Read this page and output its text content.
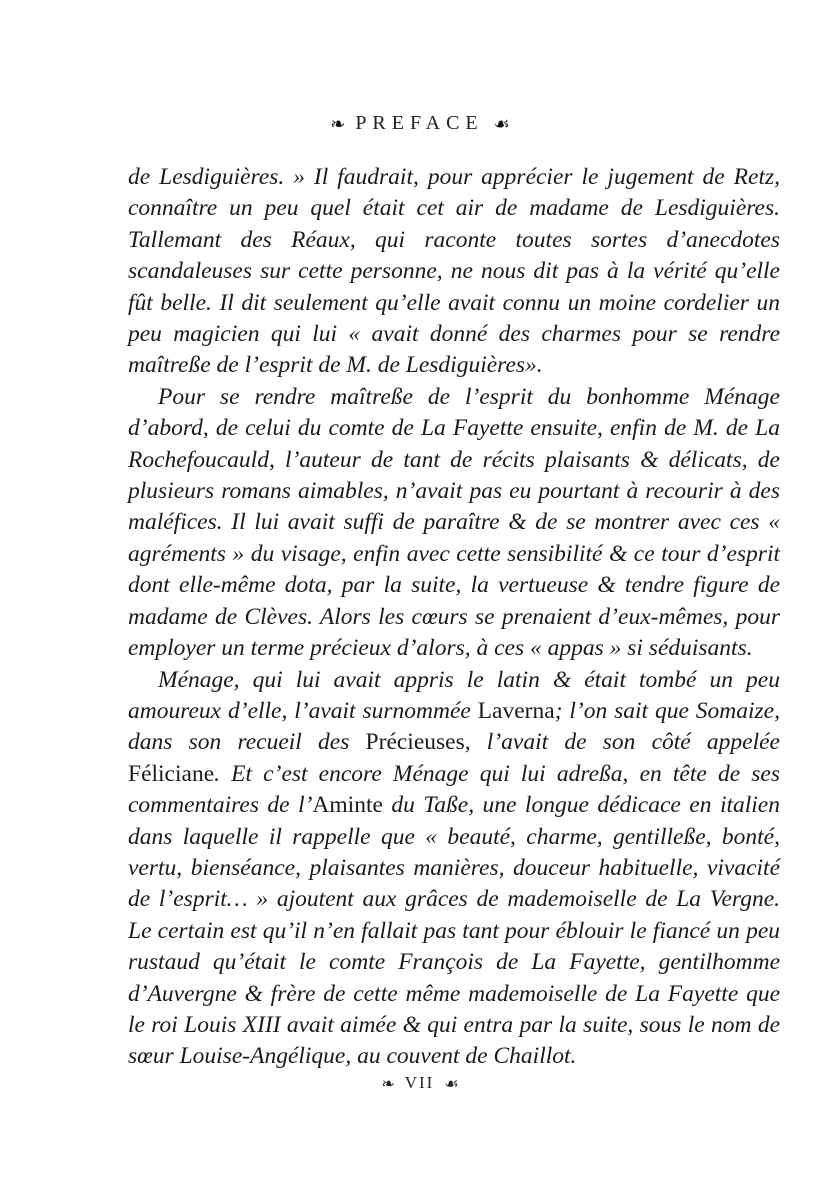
❧ PREFACE ☙

de Lesdiguières. » Il faudrait, pour apprécier le jugement de Retz, connaître un peu quel était cet air de madame de Lesdiguières. Tallemant des Réaux, qui raconte toutes sortes d’anecdotes scandaleuses sur cette personne, ne nous dit pas à la vérité qu’elle fût belle. Il dit seulement qu’elle avait connu un moine cordelier un peu magicien qui lui « avait donné des charmes pour se rendre maîtreße de l’esprit de M. de Lesdiguières».

Pour se rendre maîtreße de l’esprit du bonhomme Ménage d’abord, de celui du comte de La Fayette ensuite, enfin de M. de La Rochefoucauld, l’auteur de tant de récits plaisants & délicats, de plusieurs romans aimables, n’avait pas eu pourtant à recourir à des maléfices. Il lui avait suffi de paraître & de se montrer avec ces « agréments » du visage, enfin avec cette sensibilité & ce tour d’esprit dont elle-même dota, par la suite, la vertueuse & tendre figure de madame de Clèves. Alors les cœurs se prenaient d’eux-mêmes, pour employer un terme précieux d’alors, à ces « appas » si séduisants.

Ménage, qui lui avait appris le latin & était tombé un peu amoureux d’elle, l’avait surnommée Laverna; l’on sait que Somaize, dans son recueil des Précieuses, l’avait de son côté appelée Féliciane. Et c’est encore Ménage qui lui adreßa, en tête de ses commentaires de l’Aminte du Taße, une longue dédicace en italien dans laquelle il rappelle que « beauté, charme, gentilleße, bonté, vertu, bienséance, plaisantes manières, douceur habituelle, vivacité de l’esprit… » ajoutent aux grâces de mademoiselle de La Vergne. Le certain est qu’il n’en fallait pas tant pour éblouir le fiancé un peu rustaud qu’était le comte François de La Fayette, gentilhomme d’Auvergne & frère de cette même mademoiselle de La Fayette que le roi Louis XIII avait aimée & qui entra par la suite, sous le nom de sœur Louise-Angélique, au couvent de Chaillot.

❧ VII ☙
